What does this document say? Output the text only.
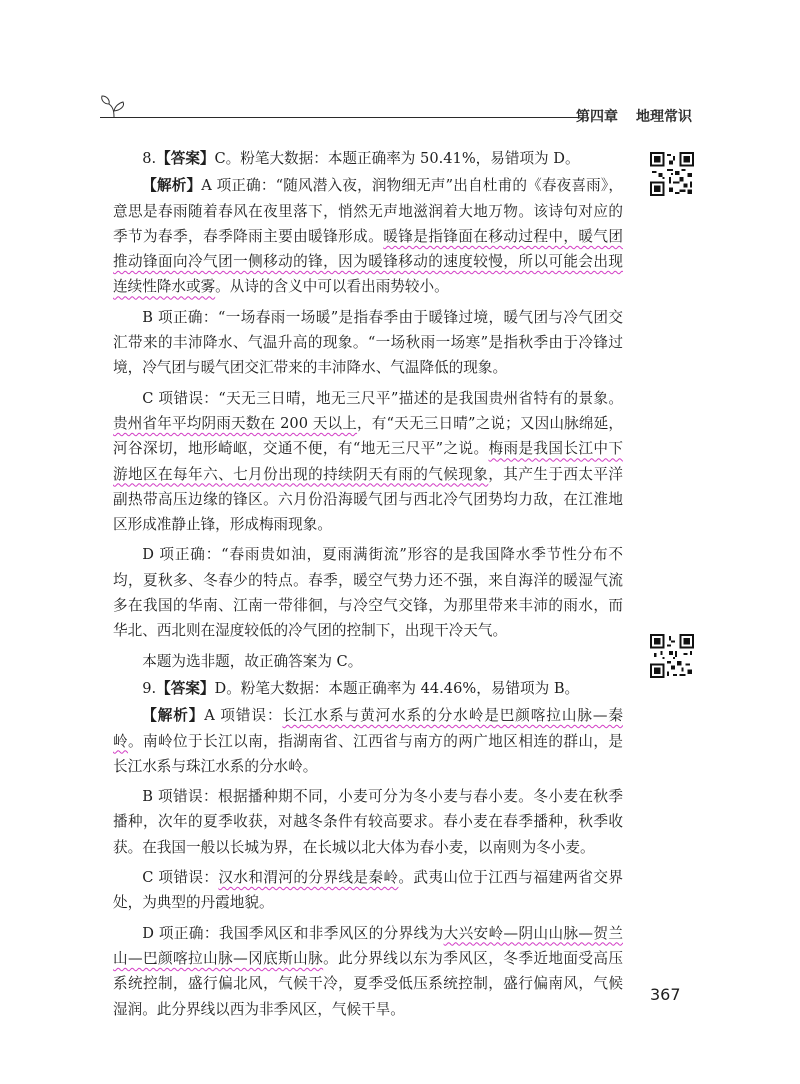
第四章 地理常识

8.【答案】C。粉笔大数据：本题正确率为 50.41%，易错项为 D。

【解析】A 项正确：“随风潜入夜，润物细无声”出自杜甫的《春夜喜雨》，意思是春雨随着春风在夜里落下，悄然无声地滋润着大地万物。该诗句对应的季节为春季，春季降雨主要由暖锋形成。暖锋是指锋面在移动过程中，暖气团推动锋面向冷气团一侧移动的锋，因为暖锋移动的速度较慢，所以可能会出现连续性降水或雾。从诗的含义中可以看出雨势较小。

B 项正确：“一场春雨一场暖”是指春季由于暖锋过境，暖气团与冷气团交汇带来的丰沛降水、气温升高的现象。“一场秋雨一场寒”是指秋季由于冷锋过境，冷气团与暖气团交汇带来的丰沛降水、气温降低的现象。

C 项错误：“天无三日晴，地无三尺平”描述的是我国贵州省特有的景象。贵州省年平均阴雨天数在 200 天以上，有“天无三日晴”之说；又因山脉绵延，河谷深切，地形崎岖，交通不便，有“地无三尺平”之说。梅雨是我国长江中下游地区在每年六、七月份出现的持续阴天有雨的气候现象，其产生于西太平洋副热带高压边缘的锋区。六月份沿海暖气团与西北冷气团势均力敌，在江淮地区形成准静止锋，形成梅雨现象。

D 项正确：“春雨贵如油，夏雨满街流”形容的是我国降水季节性分布不均，夏秋多、冬春少的特点。春季，暖空气势力还不强，来自海洋的暖湿气流多在我国的华南、江南一带徘徊，与冷空气交锋，为那里带来丰沛的雨水，而华北、西北则在湿度较低的冷气团的控制下，出现干冷天气。

本题为选非题，故正确答案为 C。

9.【答案】D。粉笔大数据：本题正确率为 44.46%，易错项为 B。

【解析】A 项错误：长江水系与黄河水系的分水岭是巴颜喀拉山脉—秦岭。南岭位于长江以南，指湖南省、江西省与南方的两广地区相连的群山，是长江水系与珠江水系的分水岭。

B 项错误：根据播种期不同，小麦可分为冬小麦与春小麦。冬小麦在秋季播种，次年的夏季收获，对越冬条件有较高要求。春小麦在春季播种，秋季收获。在我国一般以长城为界，在长城以北大体为春小麦，以南则为冬小麦。

C 项错误：汉水和渭河的分界线是秦岭。武夷山位于江西与福建两省交界处，为典型的丹霞地貌。

D 项正确：我国季风区和非季风区的分界线为大兴安岭—阴山山脉—贺兰山—巴颜喀拉山脉—冈底斯山脉。此分界线以东为季风区，冬季近地面受高压系统控制，盛行偏北风，气候干冷，夏季受低压系统控制，盛行偏南风，气候湿润。此分界线以西为非季风区，气候干旱。

367
